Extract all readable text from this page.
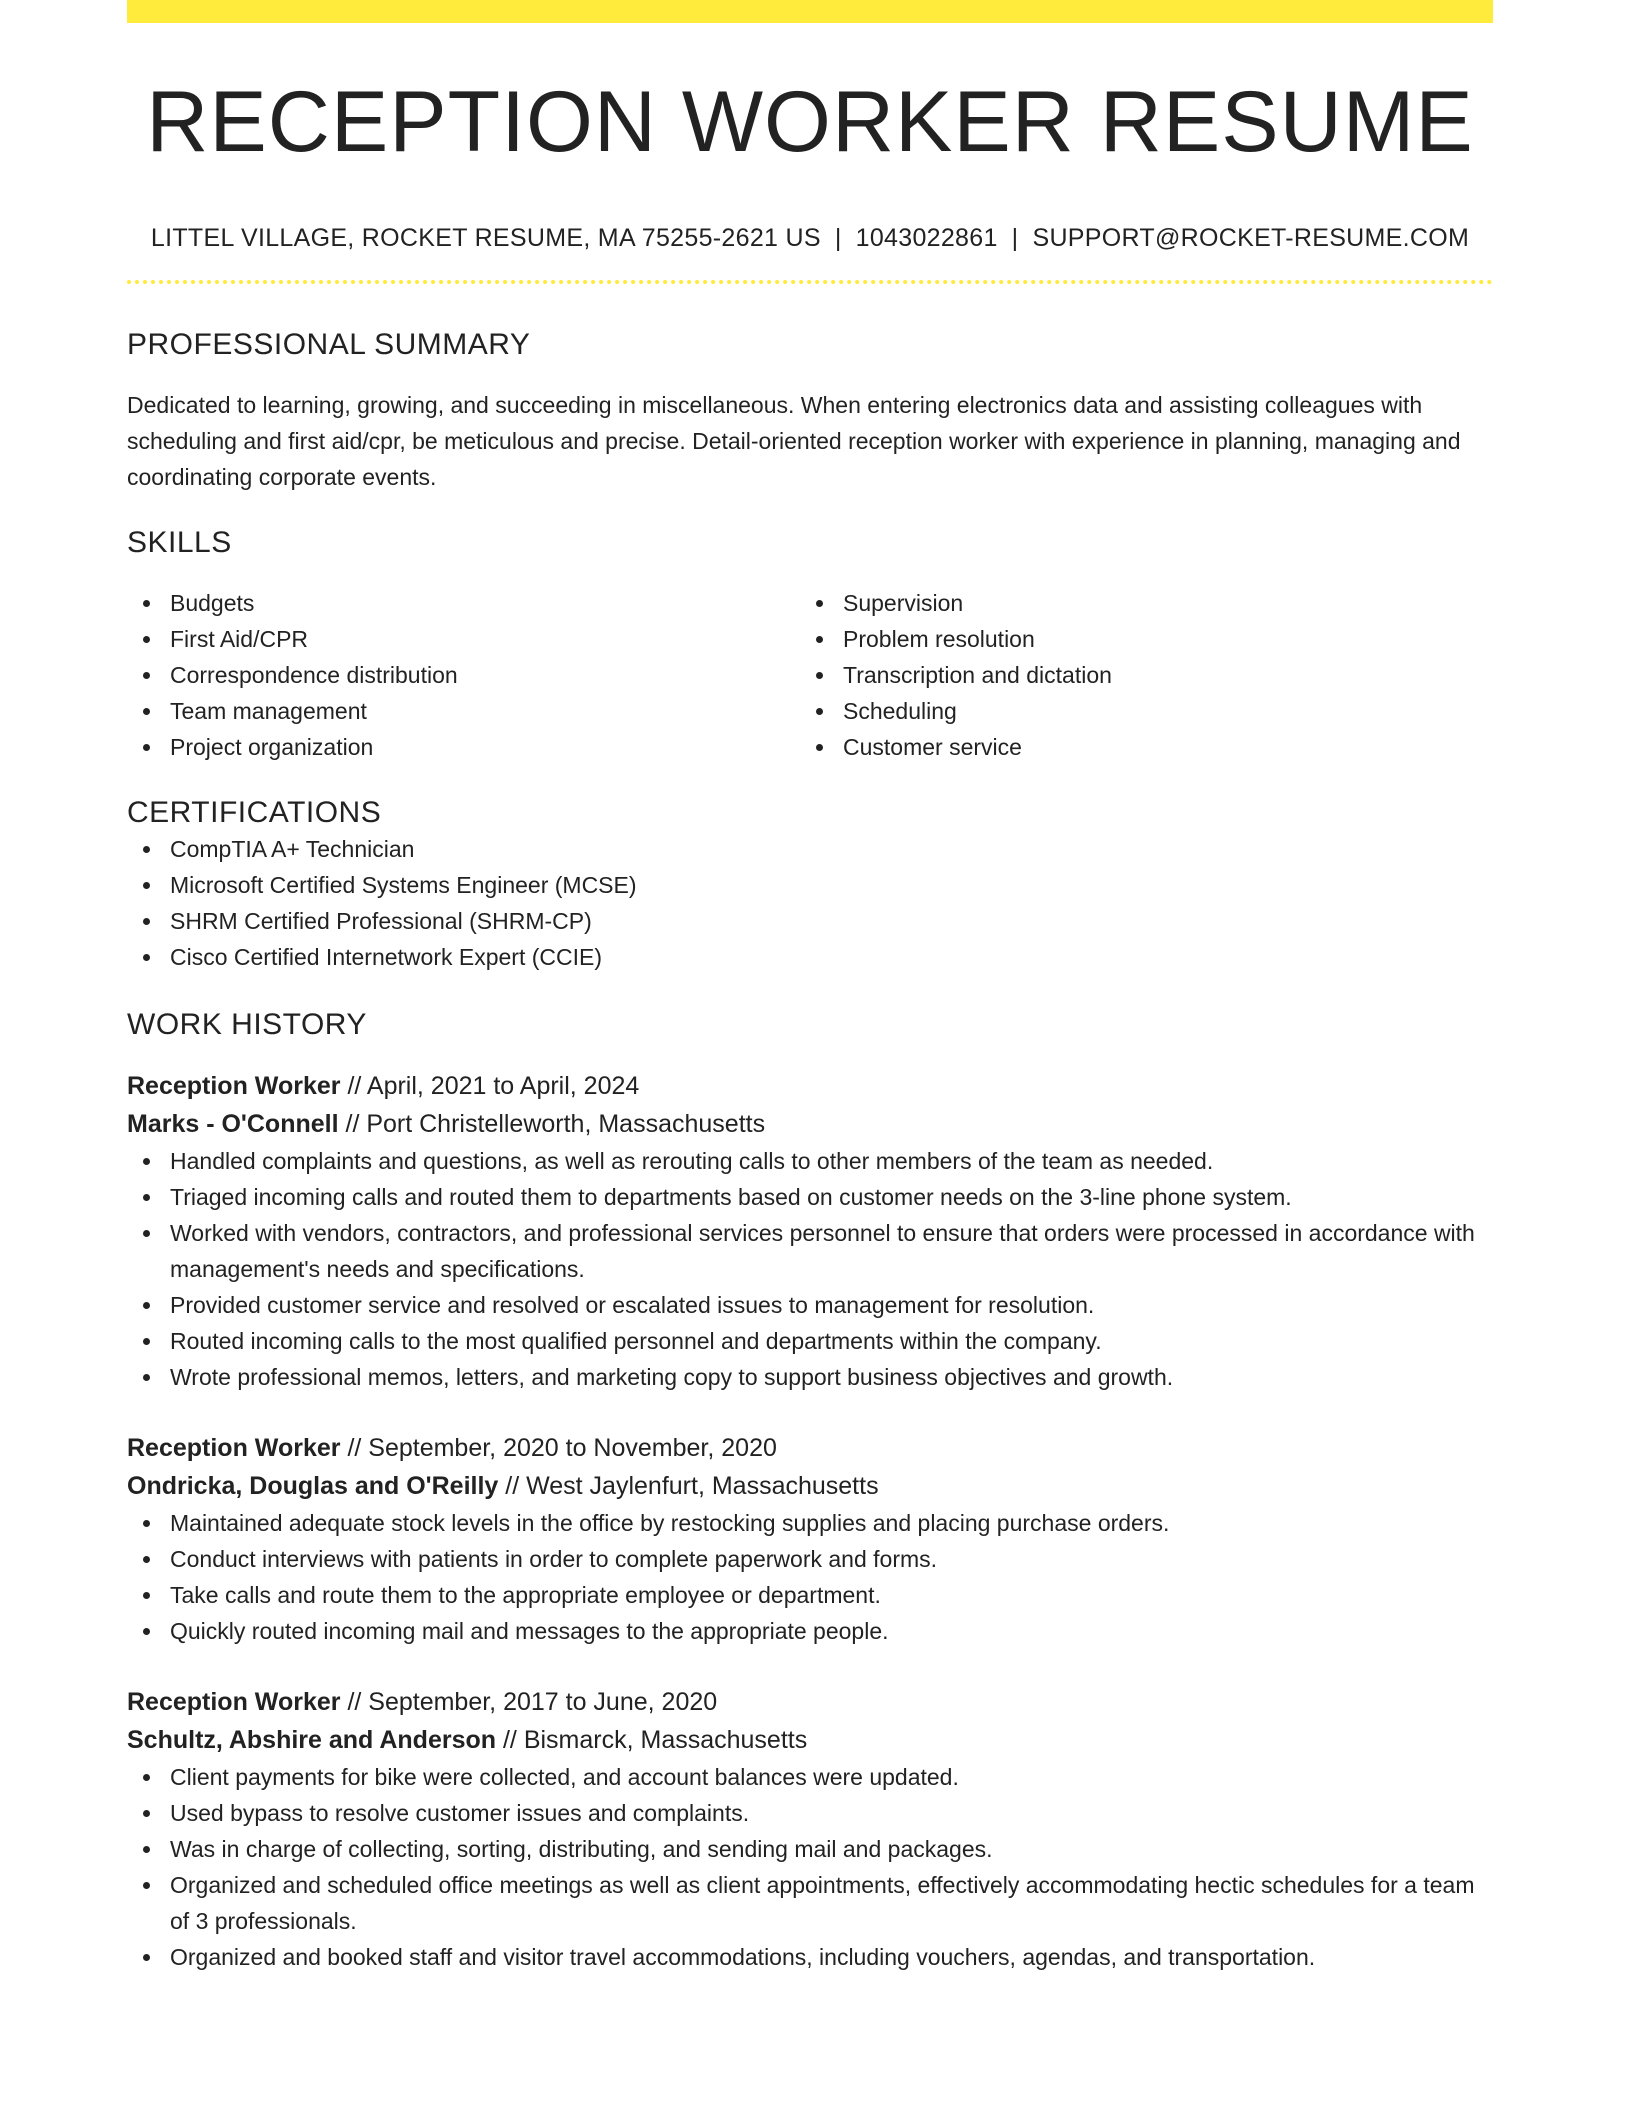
RECEPTION WORKER RESUME
LITTEL VILLAGE, ROCKET RESUME, MA 75255-2621 US | 1043022861 | SUPPORT@ROCKET-RESUME.COM
PROFESSIONAL SUMMARY
Dedicated to learning, growing, and succeeding in miscellaneous. When entering electronics data and assisting colleagues with scheduling and first aid/cpr, be meticulous and precise. Detail-oriented reception worker with experience in planning, managing and coordinating corporate events.
SKILLS
Budgets
First Aid/CPR
Correspondence distribution
Team management
Project organization
Supervision
Problem resolution
Transcription and dictation
Scheduling
Customer service
CERTIFICATIONS
CompTIA A+ Technician
Microsoft Certified Systems Engineer (MCSE)
SHRM Certified Professional (SHRM-CP)
Cisco Certified Internetwork Expert (CCIE)
WORK HISTORY
Reception Worker // April, 2021 to April, 2024
Marks - O'Connell // Port Christelleworth, Massachusetts
Handled complaints and questions, as well as rerouting calls to other members of the team as needed.
Triaged incoming calls and routed them to departments based on customer needs on the 3-line phone system.
Worked with vendors, contractors, and professional services personnel to ensure that orders were processed in accordance with management's needs and specifications.
Provided customer service and resolved or escalated issues to management for resolution.
Routed incoming calls to the most qualified personnel and departments within the company.
Wrote professional memos, letters, and marketing copy to support business objectives and growth.
Reception Worker // September, 2020 to November, 2020
Ondricka, Douglas and O'Reilly // West Jaylenfurt, Massachusetts
Maintained adequate stock levels in the office by restocking supplies and placing purchase orders.
Conduct interviews with patients in order to complete paperwork and forms.
Take calls and route them to the appropriate employee or department.
Quickly routed incoming mail and messages to the appropriate people.
Reception Worker // September, 2017 to June, 2020
Schultz, Abshire and Anderson // Bismarck, Massachusetts
Client payments for bike were collected, and account balances were updated.
Used bypass to resolve customer issues and complaints.
Was in charge of collecting, sorting, distributing, and sending mail and packages.
Organized and scheduled office meetings as well as client appointments, effectively accommodating hectic schedules for a team of 3 professionals.
Organized and booked staff and visitor travel accommodations, including vouchers, agendas, and transportation.
